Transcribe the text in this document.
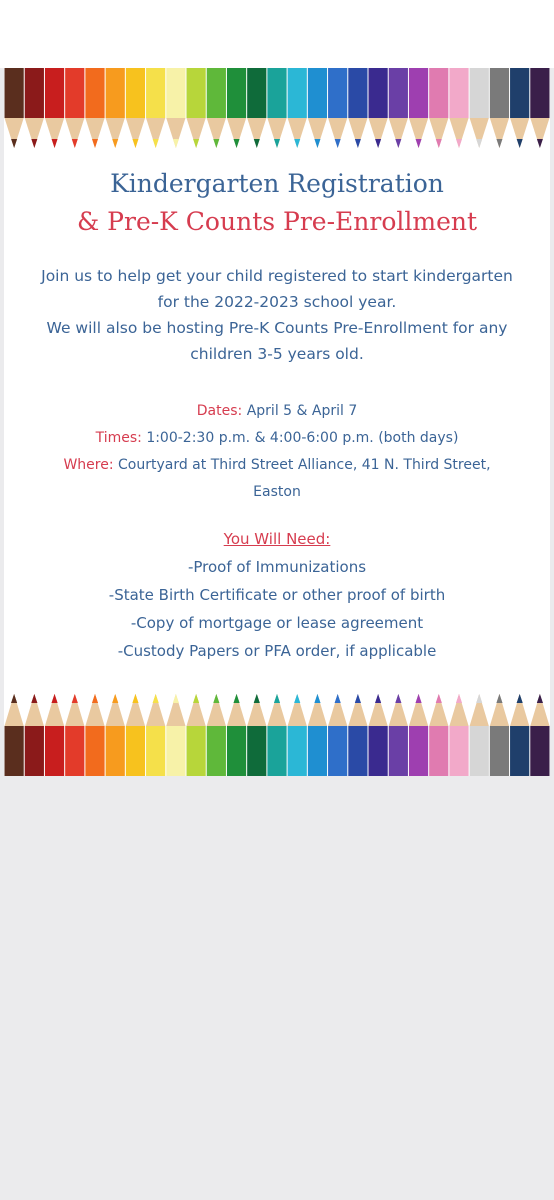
Kindergarten Registration
& Pre-K Counts Pre-Enrollment
Join us to help get your child registered to start kindergarten
for the 2022-2023 school year.
We will also be hosting Pre-K Counts Pre-Enrollment for any
children 3-5 years old.
Dates: April 5 & April 7
Times: 1:00-2:30 p.m. & 4:00-6:00 p.m. (both days)
Where: Courtyard at Third Street Alliance, 41 N. Third Street,
Easton
You Will Need:
-Proof of Immunizations
-State Birth Certificate or other proof of birth
-Copy of mortgage or lease agreement
-Custody Papers or PFA order, if applicable
